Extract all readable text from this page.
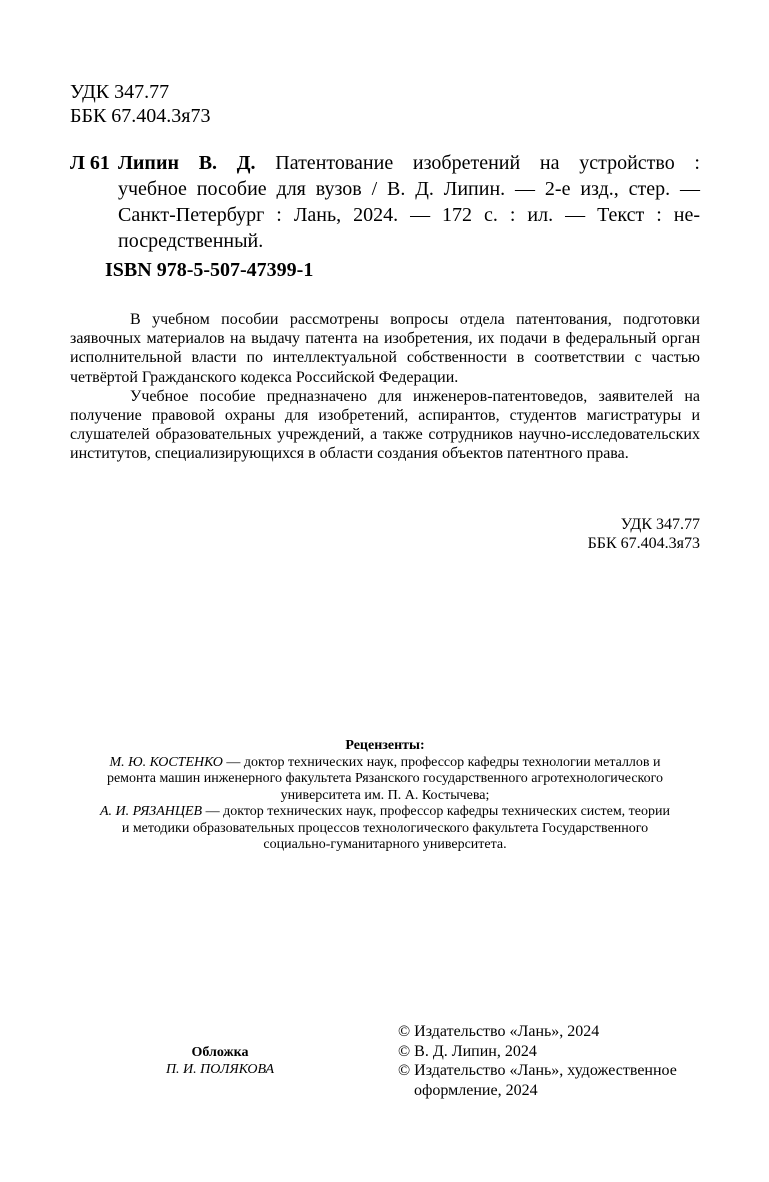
УДК 347.77
ББК 67.404.3я73
Л 61 Липин В. Д. Патентование изобретений на устройство :
учебное пособие для вузов / В. Д. Липин. — 2-е изд., стер. —
Санкт-Петербург : Лань, 2024. — 172 с. : ил. — Текст : не-
посредственный.
ISBN 978-5-507-47399-1

В учебном пособии рассмотрены вопросы отдела патентования, подготовки заявочных материалов на выдачу патента на изобретения, их подачи в федеральный орган исполнительной власти по интеллектуальной собственности в соответствии с частью четвёртой Гражданского кодекса Российской Федерации.

Учебное пособие предназначено для инженеров-патентоведов, заявителей на получение правовой охраны для изобретений, аспирантов, студентов магистратуры и слушателей образовательных учреждений, а также сотрудников научно-исследовательских институтов, специализирующихся в области создания объектов патентного права.

УДК 347.77
ББК 67.404.3я73
Рецензенты:
М. Ю. КОСТЕНКО — доктор технических наук, профессор кафедры технологии металлов и
ремонта машин инженерного факультета Рязанского государственного агротехнологического
университета им. П. А. Костычева;
А. И. РЯЗАНЦЕВ — доктор технических наук, профессор кафедры технических систем, теории
и методики образовательных процессов технологического факультета Государственного
социально-гуманитарного университета.
Обложка
П. И. ПОЛЯКОВА
© Издательство «Лань», 2024
© В. Д. Липин, 2024
© Издательство «Лань», художественное
оформление, 2024
